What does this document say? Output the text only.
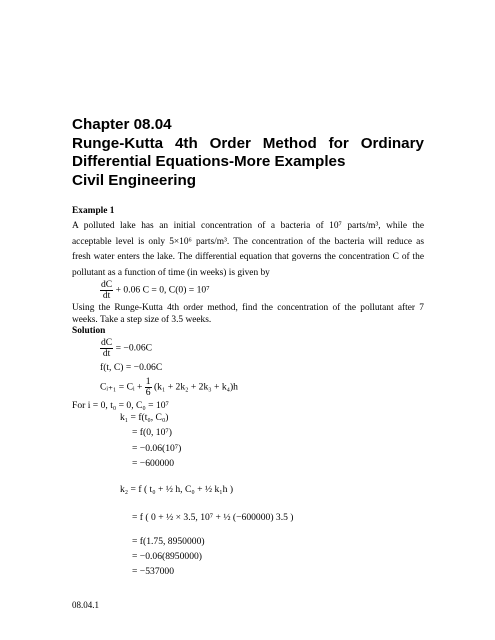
Chapter 08.04
Runge-Kutta 4th Order Method for Ordinary
Differential Equations-More Examples
Civil Engineering
Example 1
A polluted lake has an initial concentration of a bacteria of 10⁷ parts/m³, while the
acceptable level is only 5×10⁶ parts/m³. The concentration of the bacteria will reduce as
fresh water enters the lake. The differential equation that governs the concentration C of the
pollutant as a function of time (in weeks) is given by
$\frac{dC}{dt} + 0.06$ C = 0, C(0) = 10⁷
Using the Runge-Kutta 4th order method, find the concentration of the pollutant after 7
weeks. Take a step size of 3.5 weeks.
Solution
$\frac{dC}{dt} = -0.06C$
f(t, C) = −0.06C
Cᵢ₊₁ = Cᵢ + $\frac{1}{6} (k_1 + 2k_2 + 2k_3 + k_4)h$
For i = 0, t₀ = 0, C₀ = 10⁷
k₁ = f(t₀, C₀)
= f(0, 10⁷)
= −0.06(10⁷)
= −600000
k₂ = f ( t₀ + ½ h, C₀ + ½ k₁h )
= f ( 0 + ½ × 3.5, 10⁷ + ½ (−600000) 3.5 )
= f(1.75, 8950000)
= −0.06(8950000)
= −537000
08.04.1
